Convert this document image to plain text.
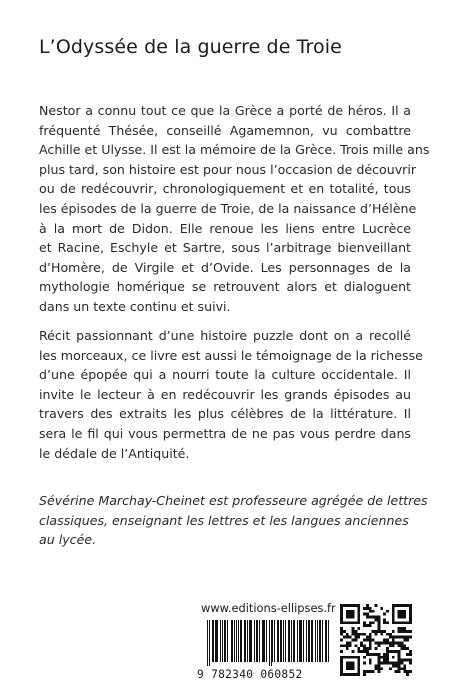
L’Odyssée de la guerre de Troie
Nestor a connu tout ce que la Grèce a porté de héros. Il a
fréquenté Thésée, conseillé Agamemnon, vu combattre
Achille et Ulysse. Il est la mémoire de la Grèce. Trois mille ans
plus tard, son histoire est pour nous l’occasion de découvrir
ou de redécouvrir, chronologiquement et en totalité, tous
les épisodes de la guerre de Troie, de la naissance d’Hélène
à la mort de Didon. Elle renoue les liens entre Lucrèce
et Racine, Eschyle et Sartre, sous l’arbitrage bienveillant
d’Homère, de Virgile et d’Ovide. Les personnages de la
mythologie homérique se retrouvent alors et dialoguent
dans un texte continu et suivi.
Récit passionnant d’une histoire puzzle dont on a recollé
les morceaux, ce livre est aussi le témoignage de la richesse
d’une épopée qui a nourri toute la culture occidentale. Il
invite le lecteur à en redécouvrir les grands épisodes au
travers des extraits les plus célèbres de la littérature. Il
sera le fil qui vous permettra de ne pas vous perdre dans
le dédale de l’Antiquité.
Sévérine Marchay-Cheinet est professeure agrégée de lettres
classiques, enseignant les lettres et les langues anciennes
au lycée.
www.editions-ellipses.fr
9 782340 060852
